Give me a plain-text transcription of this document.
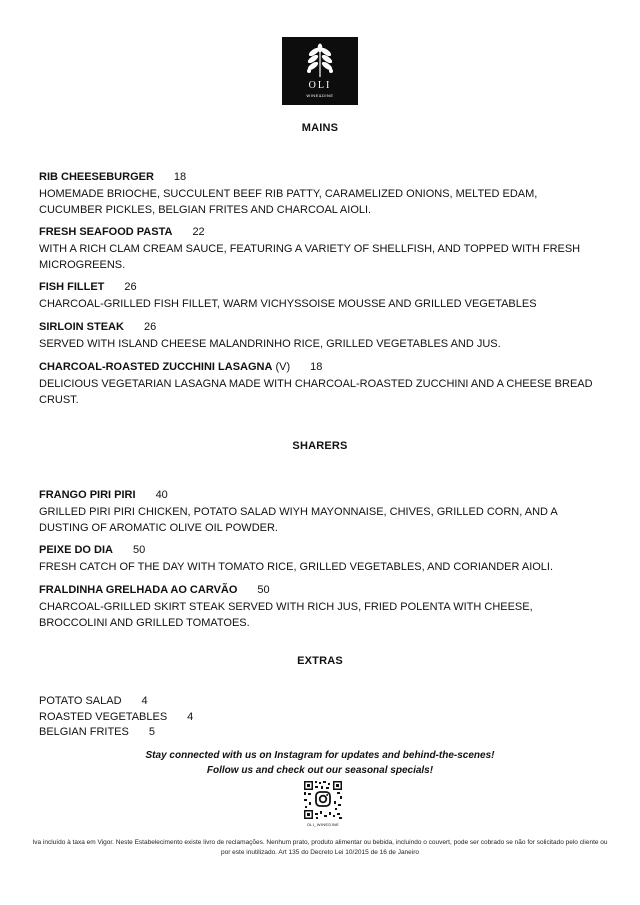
OLI
WINE&DINE
MAINS
RIB CHEESEBURGER 18
HOMEMADE BRIOCHE, SUCCULENT BEEF RIB PATTY, CARAMELIZED ONIONS, MELTED EDAM, CUCUMBER PICKLES, BELGIAN FRITES AND CHARCOAL AIOLI.
FRESH SEAFOOD PASTA 22
WITH A RICH CLAM CREAM SAUCE, FEATURING A VARIETY OF SHELLFISH, AND TOPPED WITH FRESH MICROGREENS.
FISH FILLET 26
CHARCOAL-GRILLED FISH FILLET, WARM VICHYSSOISE MOUSSE AND GRILLED VEGETABLES
SIRLOIN STEAK 26
SERVED WITH ISLAND CHEESE MALANDRINHO RICE, GRILLED VEGETABLES AND JUS.
CHARCOAL-ROASTED ZUCCHINI LASAGNA (V) 18
DELICIOUS VEGETARIAN LASAGNA MADE WITH CHARCOAL-ROASTED ZUCCHINI AND A CHEESE BREAD CRUST.
SHARERS
FRANGO PIRI PIRI 40
GRILLED PIRI PIRI CHICKEN, POTATO SALAD WIYH MAYONNAISE, CHIVES, GRILLED CORN, AND A DUSTING OF AROMATIC OLIVE OIL POWDER.
PEIXE DO DIA 50
FRESH CATCH OF THE DAY WITH TOMATO RICE, GRILLED VEGETABLES, AND CORIANDER AIOLI.
FRALDINHA GRELHADA AO CARVÃO 50
CHARCOAL-GRILLED SKIRT STEAK SERVED WITH RICH JUS, FRIED POLENTA WITH CHEESE, BROCCOLINI AND GRILLED TOMATOES.
EXTRAS
POTATO SALAD 4
ROASTED VEGETABLES 4
BELGIAN FRITES 5
Stay connected with us on Instagram for updates and behind-the-scenes!
Follow us and check out our seasonal specials!
OLI_WINEDINE
Iva incluído à taxa em Vigor. Neste Estabelecimento existe livro de reclamações. Nenhum prato, produto alimentar ou bebida, incluindo o couvert, pode ser cobrado se não for solicitado pelo cliente ou por este inutilizado. Art 135 do Decreto Lei 10/2015 de 16 de Janeiro
